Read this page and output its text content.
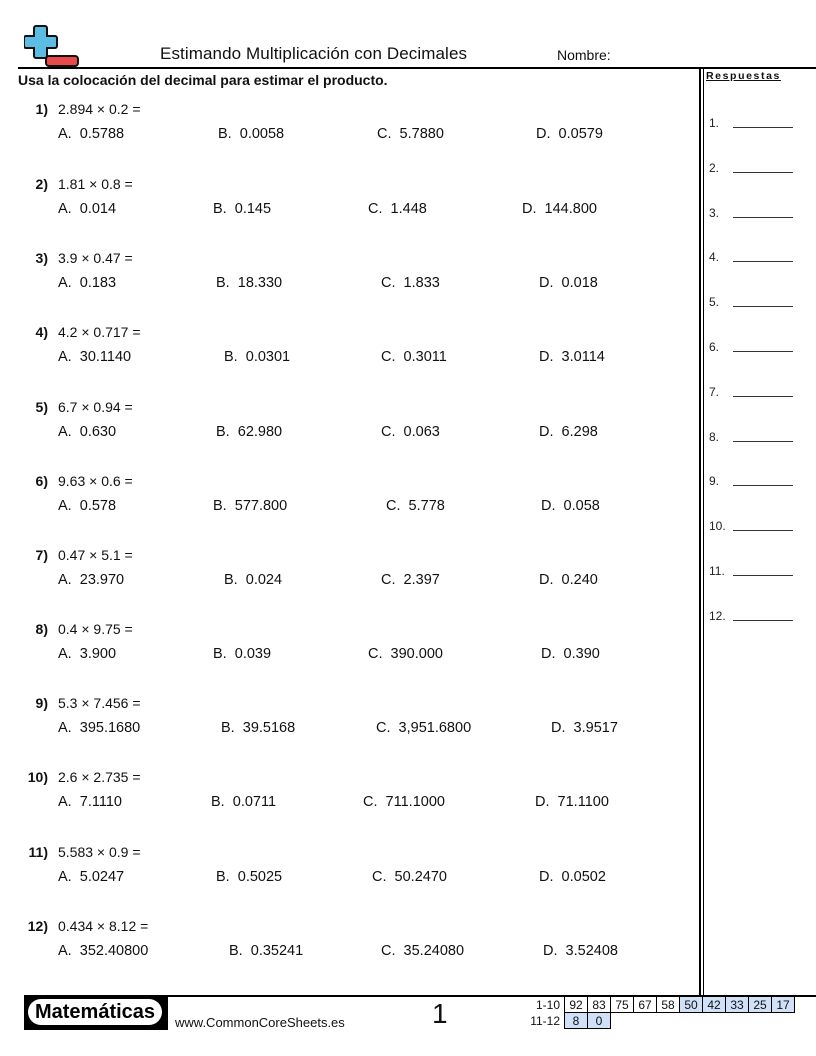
Estimando Multiplicación con Decimales	Nombre:
Usa la colocación del decimal para estimar el producto.	Respuestas
1.
2.
3.
4.
5.
6.
7.
8.
9.
10.
11.
12.
1) 2.894 × 0.2 =
A.  0.5788	B.  0.0058	C.  5.7880	D.  0.0579
2) 1.81 × 0.8 =
A.  0.014	B.  0.145	C.  1.448	D.  144.800
3) 3.9 × 0.47 =
A.  0.183	B.  18.330	C.  1.833	D.  0.018
4) 4.2 × 0.717 =
A.  30.1140	B.  0.0301	C.  0.3011	D.  3.0114
5) 6.7 × 0.94 =
A.  0.630	B.  62.980	C.  0.063	D.  6.298
6) 9.63 × 0.6 =
A.  0.578	B.  577.800	C.  5.778	D.  0.058
7) 0.47 × 5.1 =
A.  23.970	B.  0.024	C.  2.397	D.  0.240
8) 0.4 × 9.75 =
A.  3.900	B.  0.039	C.  390.000	D.  0.390
9) 5.3 × 7.456 =
A.  395.1680	B.  39.5168	C.  3,951.6800	D.  3.9517
10) 2.6 × 2.735 =
A.  7.1110	B.  0.0711	C.  711.1000	D.  71.1100
11) 5.583 × 0.9 =
A.  5.0247	B.  0.5025	C.  50.2470	D.  0.0502
12) 0.434 × 8.12 =
A.  352.40800	B.  0.35241	C.  35.24080	D.  3.52408
Matemáticas	www.CommonCoreSheets.es	1	1-10	92	83	75	67	58	50	42	33	25	17
11-12	8	0								
